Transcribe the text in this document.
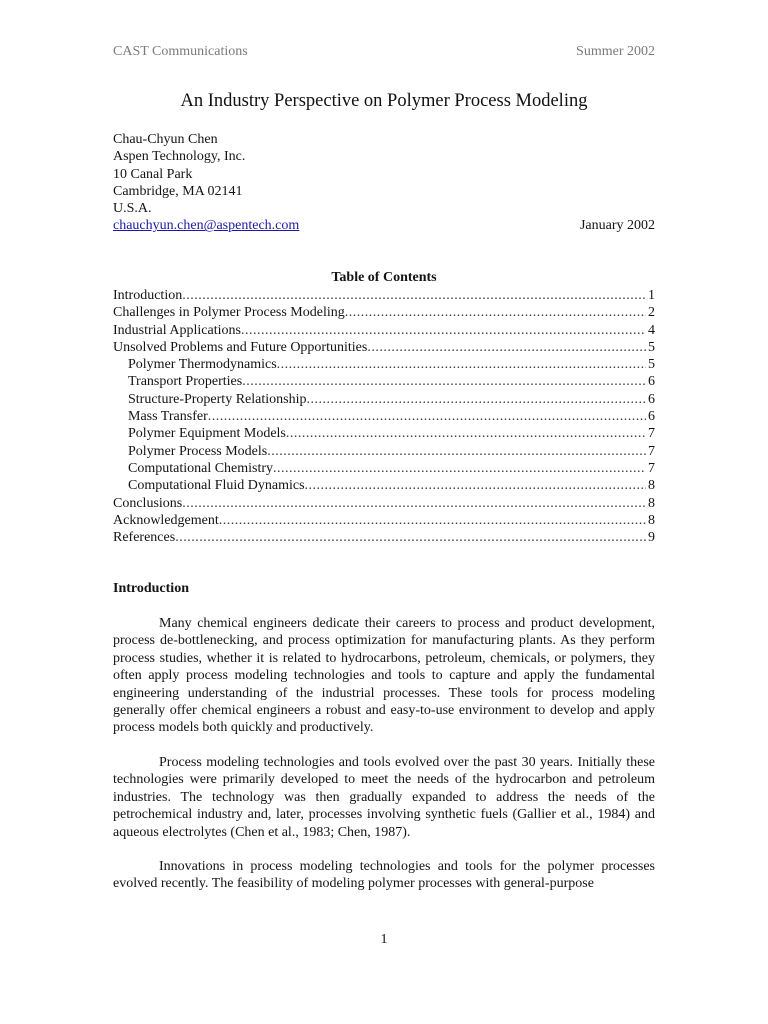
CAST Communications	Summer 2002
An Industry Perspective on Polymer Process Modeling
Chau-Chyun Chen
Aspen Technology, Inc.
10 Canal Park
Cambridge, MA 02141
U.S.A.
chauchyun.chen@aspentech.com	January 2002
Table of Contents
Introduction .....	1
Challenges in Polymer Process Modeling .....	2
Industrial Applications .....	4
Unsolved Problems and Future Opportunities .....	5
Polymer Thermodynamics .....	5
Transport Properties .....	6
Structure-Property Relationship .....	6
Mass Transfer .....	6
Polymer Equipment Models .....	7
Polymer Process Models .....	7
Computational Chemistry .....	7
Computational Fluid Dynamics .....	8
Conclusions .....	8
Acknowledgement .....	8
References .....	9
Introduction

Many chemical engineers dedicate their careers to process and product development, process de-bottlenecking, and process optimization for manufacturing plants. As they perform process studies, whether it is related to hydrocarbons, petroleum, chemicals, or polymers, they often apply process modeling technologies and tools to capture and apply the fundamental engineering understanding of the industrial processes. These tools for process modeling generally offer chemical engineers a robust and easy-to-use environment to develop and apply process models both quickly and productively.

Process modeling technologies and tools evolved over the past 30 years. Initially these technologies were primarily developed to meet the needs of the hydrocarbon and petroleum industries. The technology was then gradually expanded to address the needs of the petrochemical industry and, later, processes involving synthetic fuels (Gallier et al., 1984) and aqueous electrolytes (Chen et al., 1983; Chen, 1987).

Innovations in process modeling technologies and tools for the polymer processes evolved recently. The feasibility of modeling polymer processes with general-purpose

1
